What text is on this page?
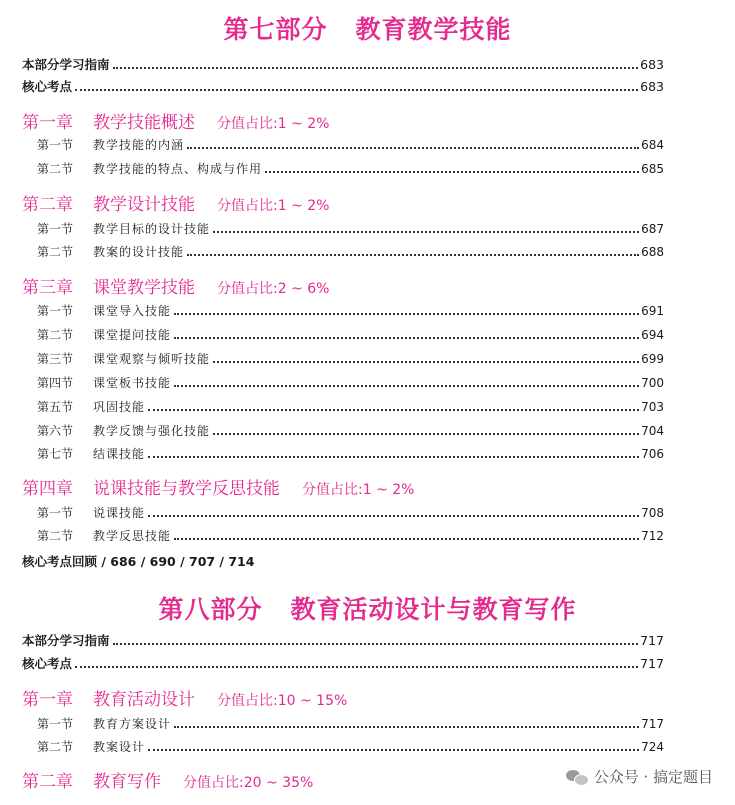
第七部分 教育教学技能
本部分学习指南	683
核心考点	683
第一章 教学技能概述 分值占比:1 ~ 2%
第一节	教学技能的内涵	684
第二节	教学技能的特点、构成与作用	685
第二章 教学设计技能 分值占比:1 ~ 2%
第一节	教学目标的设计技能	687
第二节	教案的设计技能	688
第三章 课堂教学技能 分值占比:2 ~ 6%
第一节	课堂导入技能	691
第二节	课堂提问技能	694
第三节	课堂观察与倾听技能	699
第四节	课堂板书技能	700
第五节	巩固技能	703
第六节	教学反馈与强化技能	704
第七节	结课技能	706
第四章 说课技能与教学反思技能 分值占比:1 ~ 2%
第一节	说课技能	708
第二节	教学反思技能	712
核心考点回顾 / 686 / 690 / 707 / 714
第八部分 教育活动设计与教育写作
本部分学习指南	717
核心考点	717
第一章 教育活动设计 分值占比:10 ~ 15%
第一节	教育方案设计	717
第二节	教案设计	724
第二章 教育写作 分值占比:20 ~ 35%	公众号 · 搞定题目
